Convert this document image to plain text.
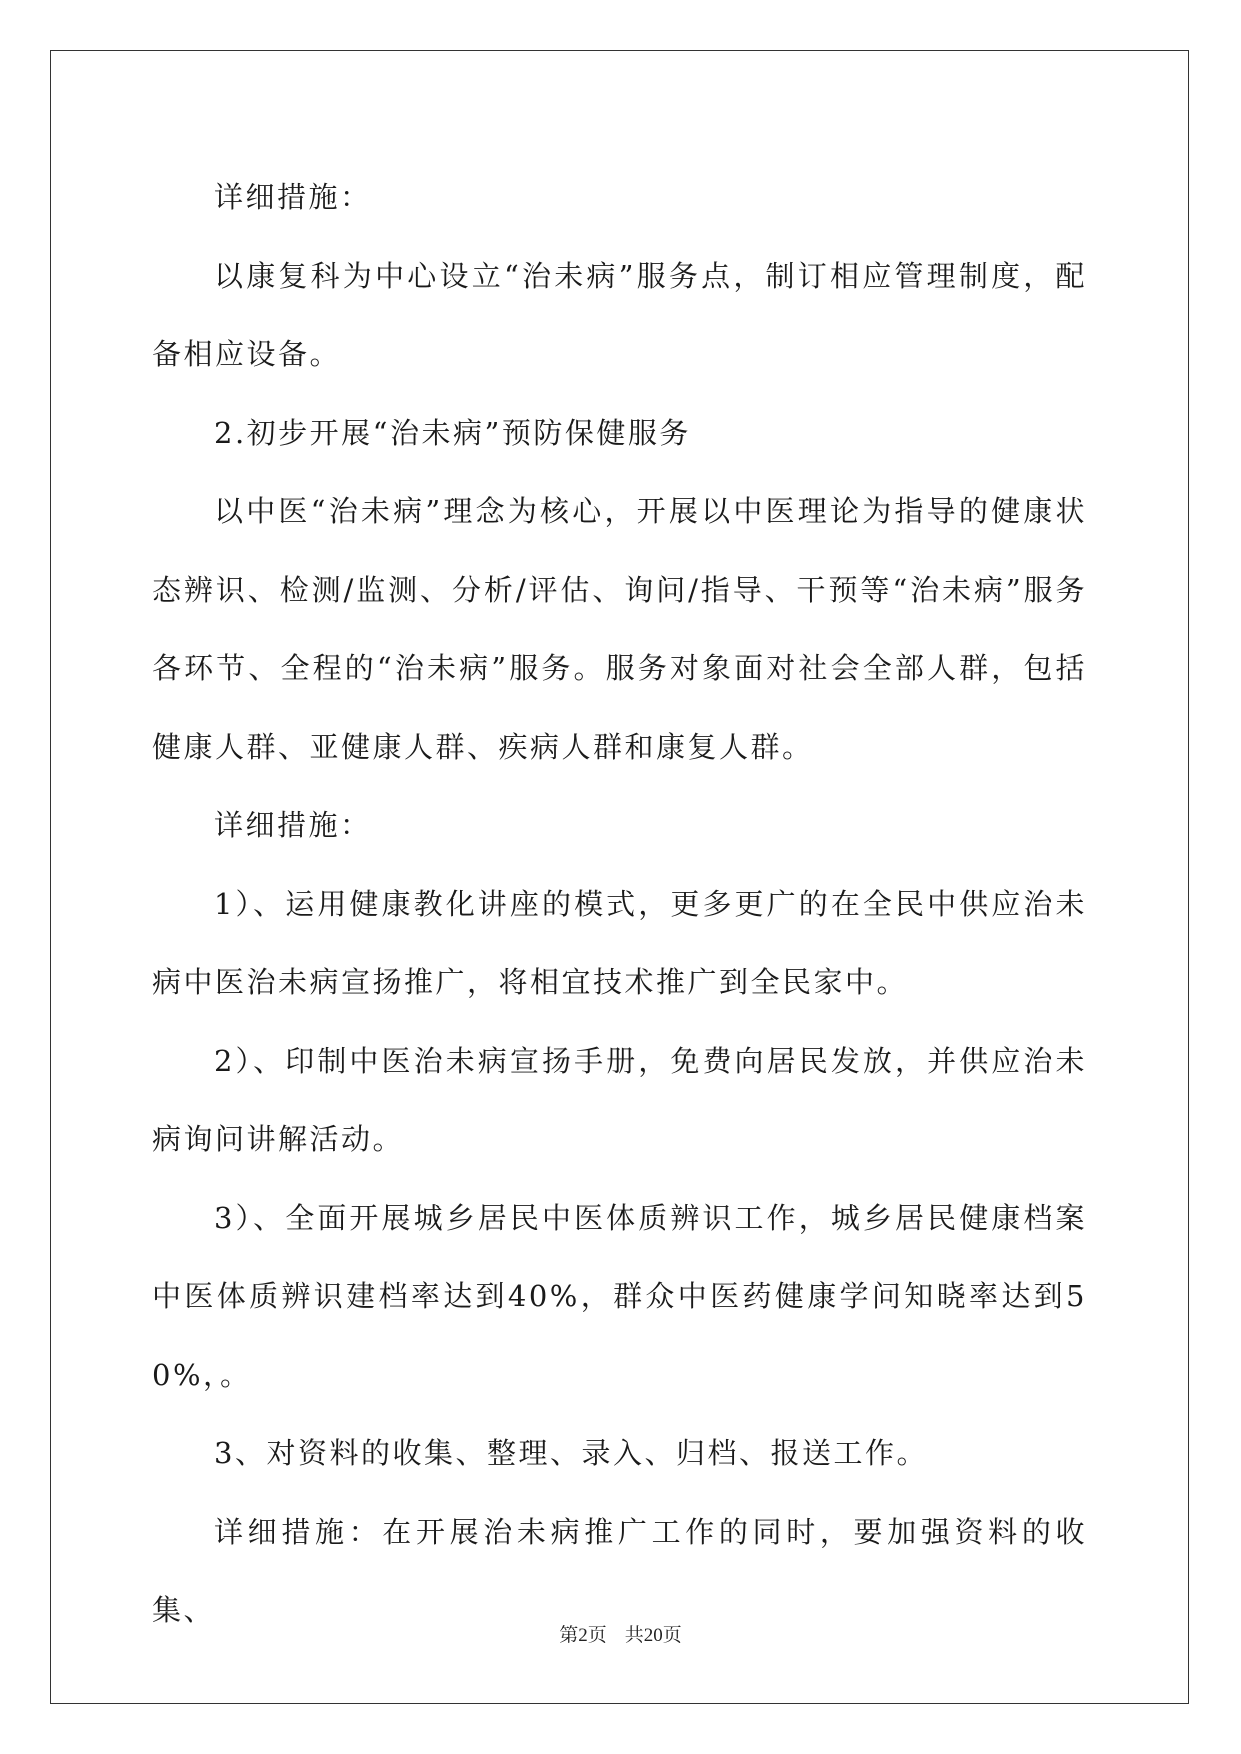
详细措施：

以康复科为中心设立“治未病”服务点，制订相应管理制度，配备相应设备。

2.初步开展“治未病”预防保健服务

以中医“治未病”理念为核心，开展以中医理论为指导的健康状态辨识、检测/监测、分析/评估、询问/指导、干预等“治未病”服务各环节、全程的“治未病”服务。服务对象面对社会全部人群，包括健康人群、亚健康人群、疾病人群和康复人群。

详细措施：

1）、运用健康教化讲座的模式，更多更广的在全民中供应治未病中医治未病宣扬推广，将相宜技术推广到全民家中。

2）、印制中医治未病宣扬手册，免费向居民发放，并供应治未病询问讲解活动。

3）、全面开展城乡居民中医体质辨识工作，城乡居民健康档案中医体质辨识建档率达到40%，群众中医药健康学问知晓率达到50%，。

3、对资料的收集、整理、录入、归档、报送工作。

详细措施：在开展治未病推广工作的同时，要加强资料的收集、

第2页 共20页
